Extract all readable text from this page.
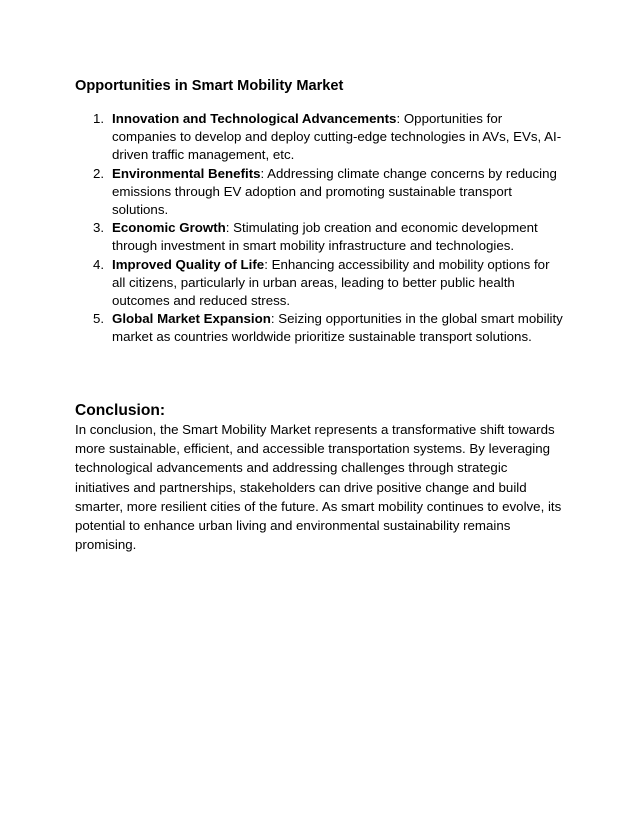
Opportunities in Smart Mobility Market
1. Innovation and Technological Advancements: Opportunities for companies to develop and deploy cutting-edge technologies in AVs, EVs, AI-driven traffic management, etc.
2. Environmental Benefits: Addressing climate change concerns by reducing emissions through EV adoption and promoting sustainable transport solutions.
3. Economic Growth: Stimulating job creation and economic development through investment in smart mobility infrastructure and technologies.
4. Improved Quality of Life: Enhancing accessibility and mobility options for all citizens, particularly in urban areas, leading to better public health outcomes and reduced stress.
5. Global Market Expansion: Seizing opportunities in the global smart mobility market as countries worldwide prioritize sustainable transport solutions.
Conclusion:

In conclusion, the Smart Mobility Market represents a transformative shift towards more sustainable, efficient, and accessible transportation systems. By leveraging technological advancements and addressing challenges through strategic initiatives and partnerships, stakeholders can drive positive change and build smarter, more resilient cities of the future. As smart mobility continues to evolve, its potential to enhance urban living and environmental sustainability remains promising.
